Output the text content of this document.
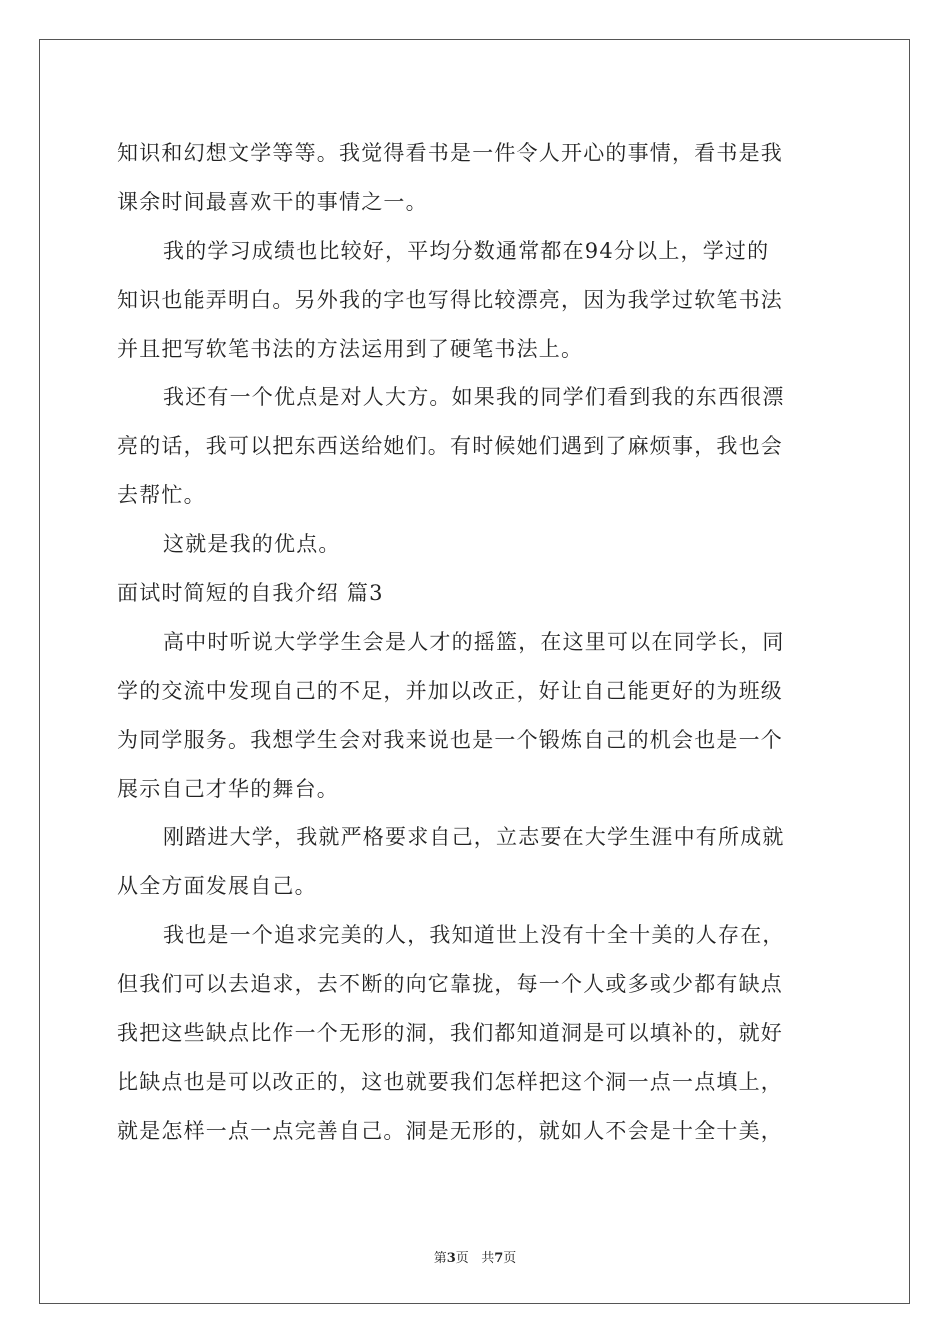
知识和幻想文学等等。我觉得看书是一件令人开心的事情，看书是我
课余时间最喜欢干的事情之一。
我的学习成绩也比较好，平均分数通常都在94分以上，学过的
知识也能弄明白。另外我的字也写得比较漂亮，因为我学过软笔书法
并且把写软笔书法的方法运用到了硬笔书法上。
我还有一个优点是对人大方。如果我的同学们看到我的东西很漂
亮的话，我可以把东西送给她们。有时候她们遇到了麻烦事，我也会
去帮忙。
这就是我的优点。
面试时简短的自我介绍 篇3
高中时听说大学学生会是人才的摇篮，在这里可以在同学长，同
学的交流中发现自己的不足，并加以改正，好让自己能更好的为班级
为同学服务。我想学生会对我来说也是一个锻炼自己的机会也是一个
展示自己才华的舞台。
刚踏进大学，我就严格要求自己，立志要在大学生涯中有所成就
从全方面发展自己。
我也是一个追求完美的人，我知道世上没有十全十美的人存在，
但我们可以去追求，去不断的向它靠拢，每一个人或多或少都有缺点
我把这些缺点比作一个无形的洞，我们都知道洞是可以填补的，就好
比缺点也是可以改正的，这也就要我们怎样把这个洞一点一点填上，
就是怎样一点一点完善自己。洞是无形的，就如人不会是十全十美，
第3页   共7页
